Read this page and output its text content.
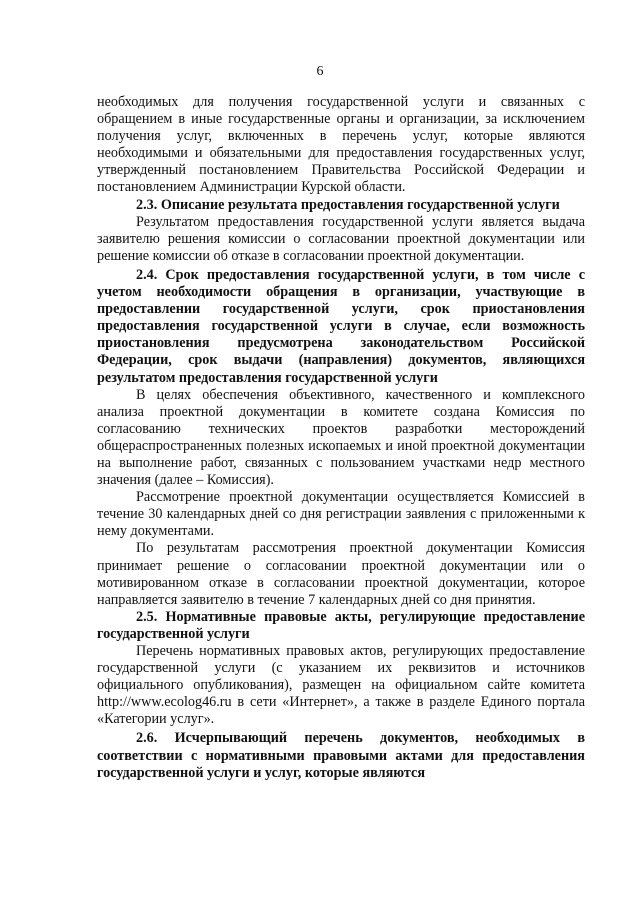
6

необходимых для получения государственной услуги и связанных с обращением в иные государственные органы и организации, за исключением получения услуг, включенных в перечень услуг, которые являются необходимыми и обязательными для предоставления государственных услуг, утвержденный постановлением Правительства Российской Федерации и постановлением Администрации Курской области.

2.3. Описание результата предоставления государственной услуги

Результатом предоставления государственной услуги является выдача заявителю решения комиссии о согласовании проектной документации или решение комиссии об отказе в согласовании проектной документации.

2.4. Срок предоставления государственной услуги, в том числе с учетом необходимости обращения в организации, участвующие в предоставлении государственной услуги, срок приостановления предоставления государственной услуги в случае, если возможность приостановления предусмотрена законодательством Российской Федерации, срок выдачи (направления) документов, являющихся результатом предоставления государственной услуги

В целях обеспечения объективного, качественного и комплексного анализа проектной документации в комитете создана Комиссия по согласованию технических проектов разработки месторождений общераспространенных полезных ископаемых и иной проектной документации на выполнение работ, связанных с пользованием участками недр местного значения (далее – Комиссия).

Рассмотрение проектной документации осуществляется Комиссией в течение 30 календарных дней со дня регистрации заявления с приложенными к нему документами.

По результатам рассмотрения проектной документации Комиссия принимает решение о согласовании проектной документации или о мотивированном отказе в согласовании проектной документации, которое направляется заявителю в течение 7 календарных дней со дня принятия.

2.5. Нормативные правовые акты, регулирующие предоставление государственной услуги

Перечень нормативных правовых актов, регулирующих предоставление государственной услуги (с указанием их реквизитов и источников официального опубликования), размещен на официальном сайте комитета http://www.ecolog46.ru в сети «Интернет», а также в разделе Единого портала «Категории услуг».

2.6. Исчерпывающий перечень документов, необходимых в соответствии с нормативными правовыми актами для предоставления государственной услуги и услуг, которые являются
